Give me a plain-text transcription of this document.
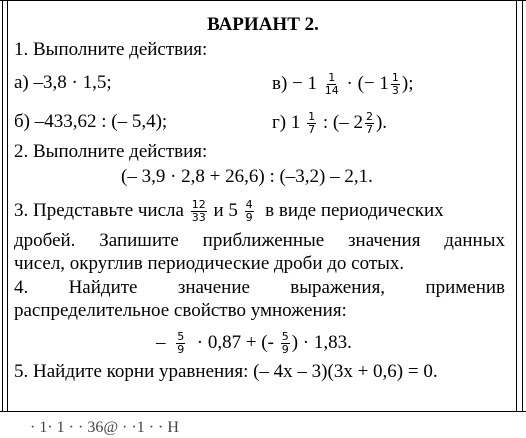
ВАРИАНТ 2.
1. Выполните действия:
а) –3,8 · 1,5;	$в) - 1 \frac{1}{14}$ · (− $1 \frac{1}{3}$ );
б) –433,62 : (– 5,4);	г) $1 \frac{1}{7}$ : (– $2 \frac{2}{7}$ ).
2. Выполните действия:
(– 3,9 · 2,8 + 26,6) : (–3,2) – 2,1.
3. Представьте числа $\frac{12}{33}$ и $5 \frac{4}{9}$ в виде периодических
дробей. Запишите приближенные значения данных
чисел, округлив периодические дроби до сотых.
4. Найдите значение выражения, применив
распределительное свойство умножения:
– $\frac{5}{9} \cdot 0,87$ + (- $\frac{5}{9}$ ) · 1,83.
5. Найдите корни уравнения: (– 4x – 3)(3x + 0,6) = 0.
· 1· 1 · · 36@ · ·1 · · Н
